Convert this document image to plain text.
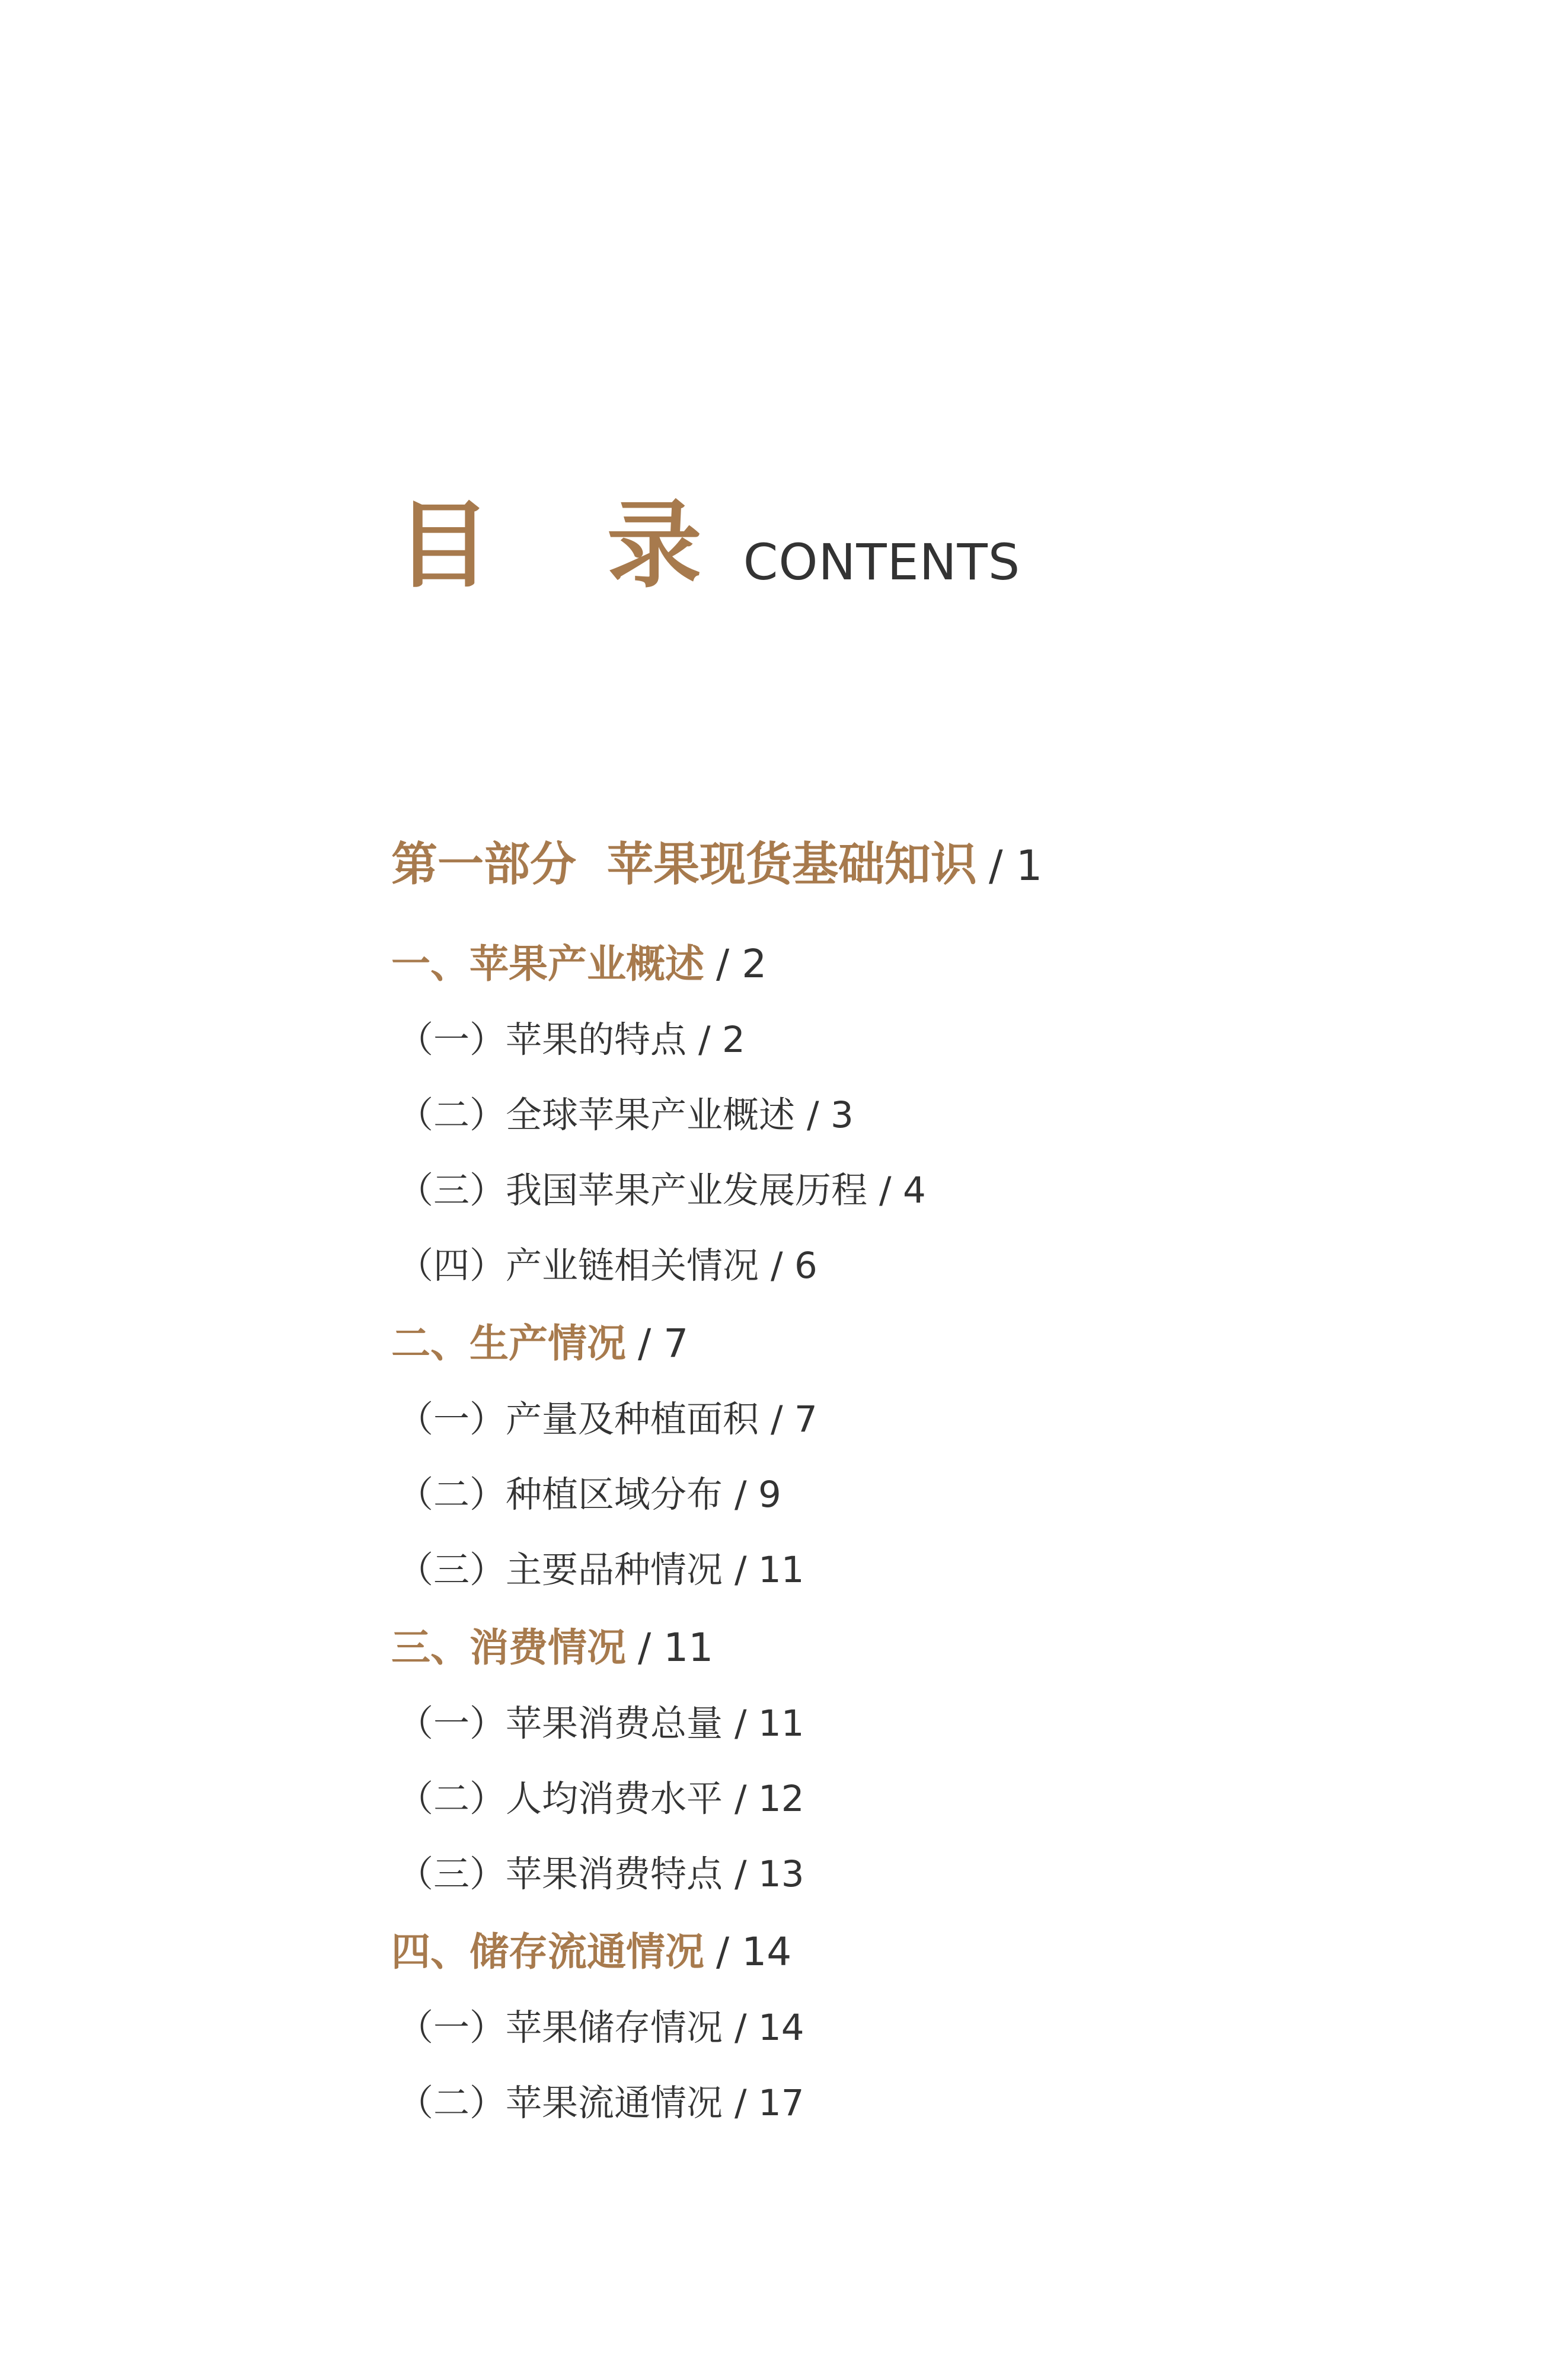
目 录 CONTENTS
第一部分 苹果现货基础知识 / 1
一、苹果产业概述 / 2
（一）苹果的特点 / 2
（二）全球苹果产业概述 / 3
（三）我国苹果产业发展历程 / 4
（四）产业链相关情况 / 6
二、生产情况 / 7
（一）产量及种植面积 / 7
（二）种植区域分布 / 9
（三）主要品种情况 / 11
三、消费情况 / 11
（一）苹果消费总量 / 11
（二）人均消费水平 / 12
（三）苹果消费特点 / 13
四、储存流通情况 / 14
（一）苹果储存情况 / 14
（二）苹果流通情况 / 17
